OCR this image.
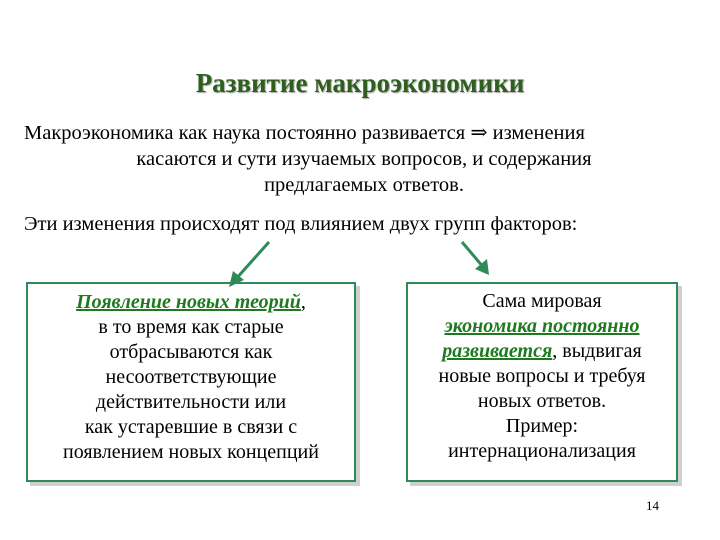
Развитие макроэкономики
Макроэкономика как наука постоянно развивается ⇒ изменения
касаются и сути изучаемых вопросов, и содержания
предлагаемых ответов.
Эти изменения происходят под влиянием двух групп факторов:
Появление новых теорий,
в то время как старые
отбрасываются как
несоответствующие
действительности или
как устаревшие в связи с
появлением новых концепций
Сама мировая
экономика постоянно
развивается, выдвигая
новые вопросы и требуя
новых ответов.
Пример:
интернационализация
14
